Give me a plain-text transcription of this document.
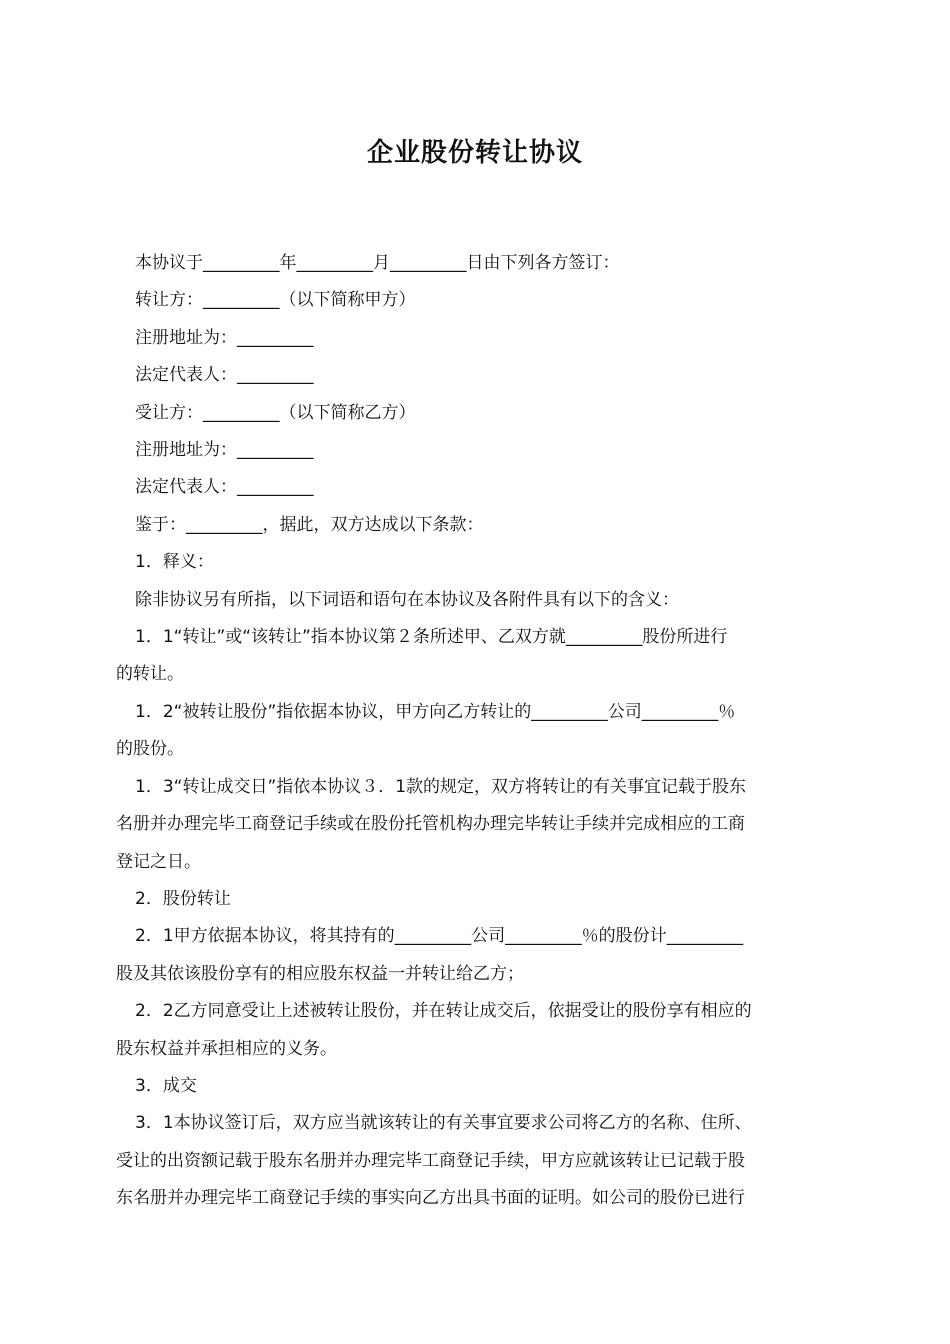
企业股份转让协议

本协议于_________年_________月_________日由下列各方签订：

转让方：_________（以下简称甲方）

注册地址为：_________

法定代表人：_________

受让方：_________（以下简称乙方）

注册地址为：_________

法定代表人：_________

鉴于：_________，据此，双方达成以下条款：

1．释义：

除非协议另有所指，以下词语和语句在本协议及各附件具有以下的含义：

1．1“转让”或“该转让”指本协议第２条所述甲、乙双方就_________股份所进行

的转让。

1．2“被转让股份”指依据本协议，甲方向乙方转让的_________公司_________％

的股份。

1．3“转让成交日”指依本协议３．1款的规定，双方将转让的有关事宜记载于股东

名册并办理完毕工商登记手续或在股份托管机构办理完毕转让手续并完成相应的工商

登记之日。

2．股份转让

2．1甲方依据本协议，将其持有的_________公司_________％的股份计_________

股及其依该股份享有的相应股东权益一并转让给乙方；

2．2乙方同意受让上述被转让股份，并在转让成交后，依据受让的股份享有相应的

股东权益并承担相应的义务。

3．成交

3．1本协议签订后，双方应当就该转让的有关事宜要求公司将乙方的名称、住所、

受让的出资额记载于股东名册并办理完毕工商登记手续，甲方应就该转让已记载于股

东名册并办理完毕工商登记手续的事实向乙方出具书面的证明。如公司的股份已进行
